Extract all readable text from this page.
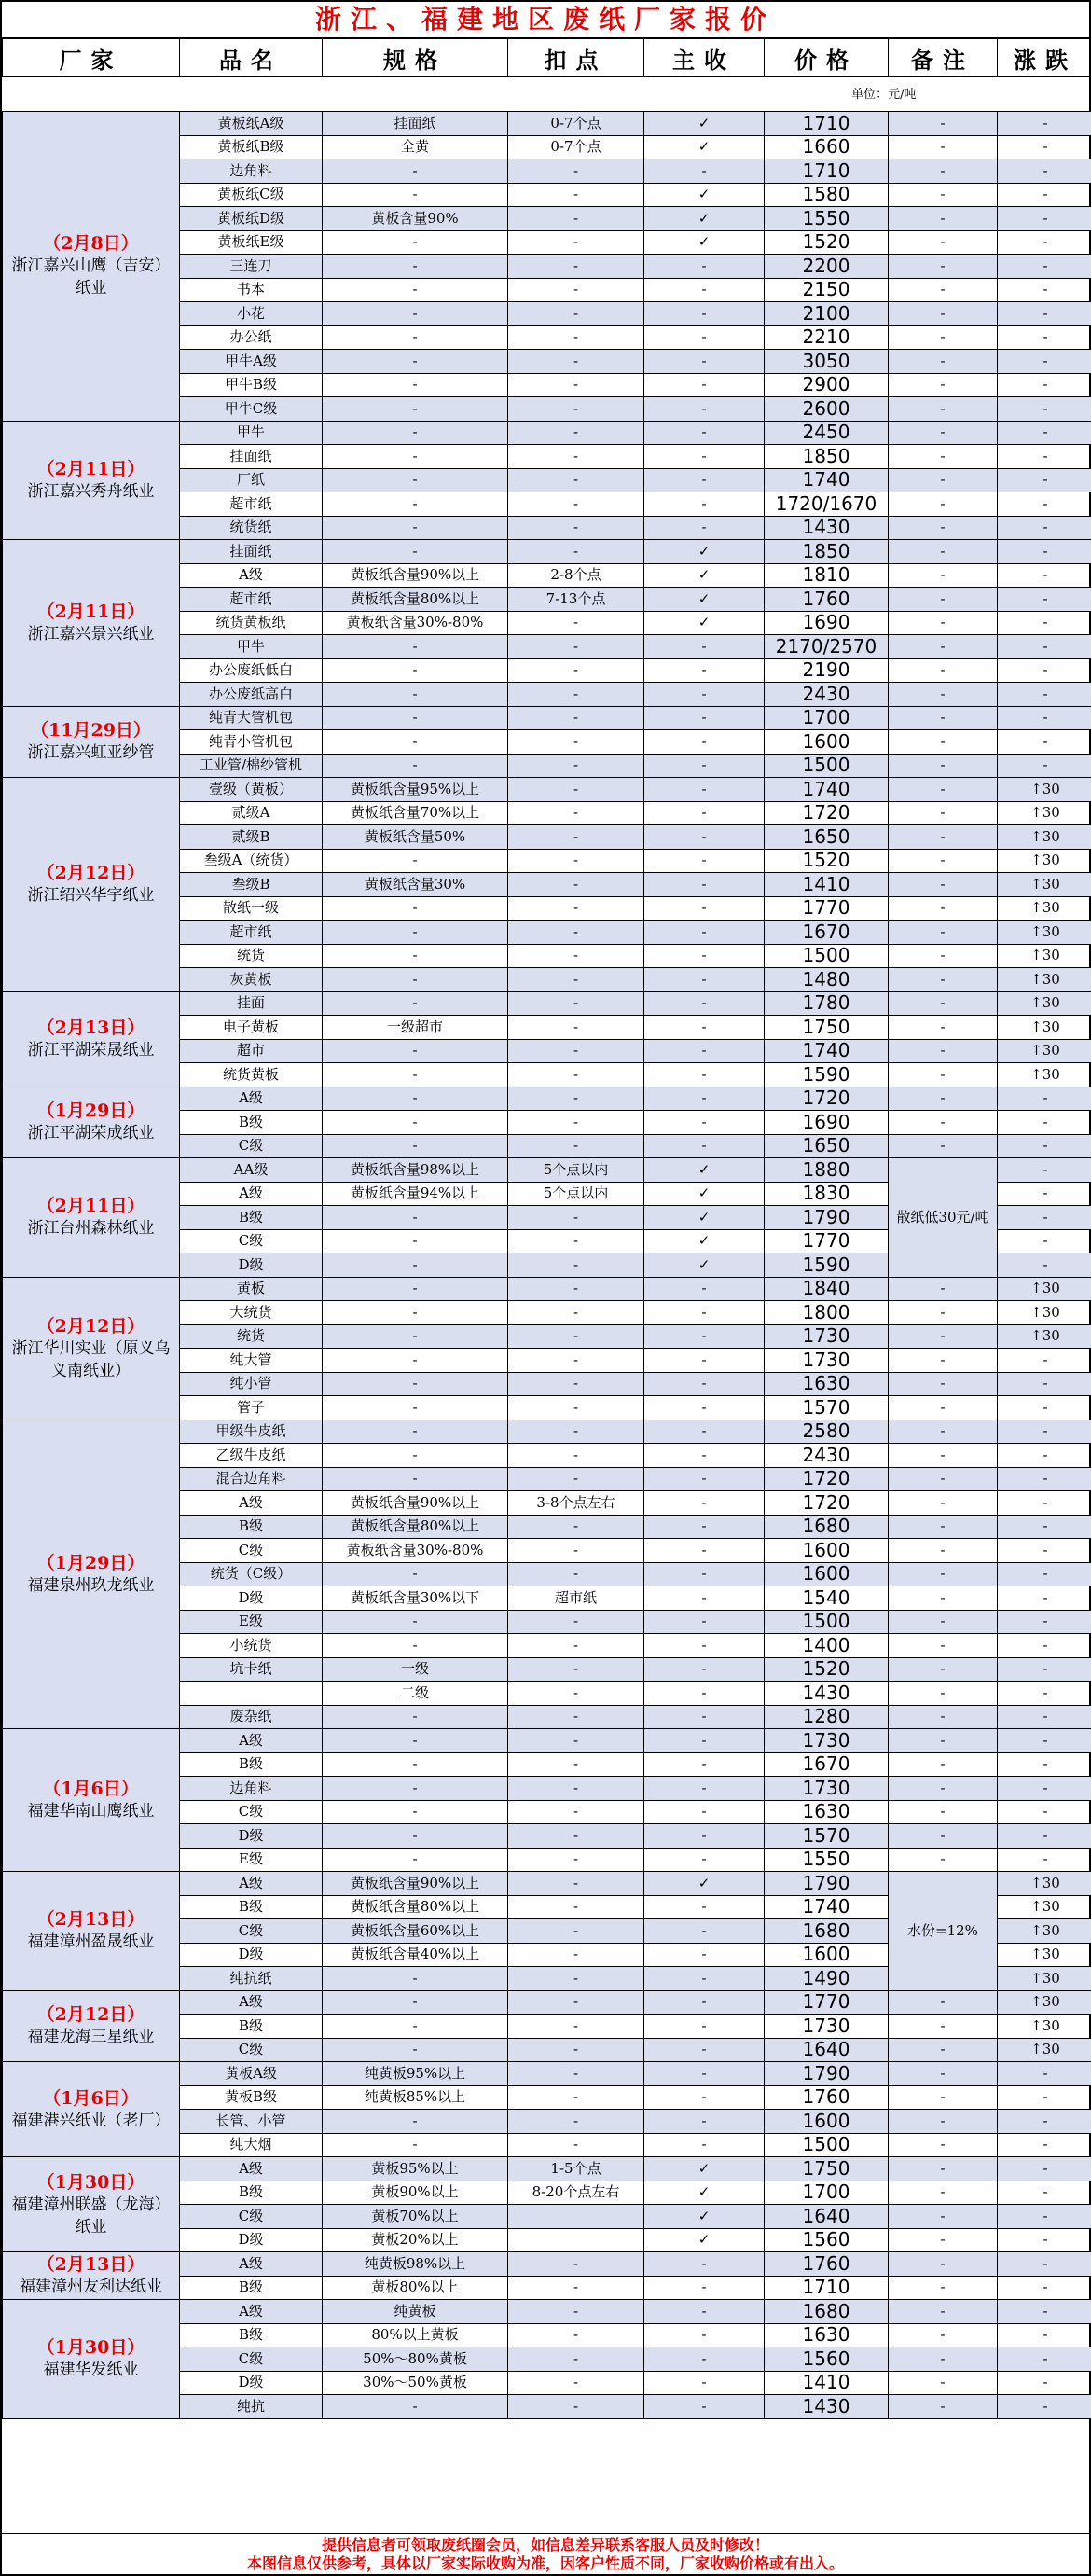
浙江、福建地区废纸厂家报价
厂家	品名	规格	扣点	主收	价格	备注	涨跌
单位：元/吨							

（2月8日）
浙江嘉兴山鹰（吉安）纸业	黄板纸A级	挂面纸	0-7个点	✓	1710	-	-
	黄板纸B级	全黄	0-7个点	✓	1660	-	-
	边角料	-	-	-	1710	-	-
	黄板纸C级	-	-	✓	1580	-	-
	黄板纸D级	黄板含量90%	-	✓	1550	-	-
	黄板纸E级	-	-	✓	1520	-	-
	三连刀	-	-	-	2200	-	-
	书本	-	-	-	2150	-	-
	小花	-	-	-	2100	-	-
	办公纸	-	-	-	2210	-	-
	甲牛A级	-	-	-	3050	-	-
	甲牛B级	-	-	-	2900	-	-
	甲牛C级	-	-	-	2600	-	-

（2月11日）
浙江嘉兴秀舟纸业	甲牛	-	-	-	2450	-	-
	挂面纸	-	-	-	1850	-	-
	厂纸	-	-	-	1740	-	-
	超市纸	-	-	-	1720/1670	-	-
	统货纸	-	-	-	1430	-	-

（2月11日）
浙江嘉兴景兴纸业	挂面纸	-	-	✓	1850	-	-
	A级	黄板纸含量90%以上	2-8个点	✓	1810	-	-
	超市纸	黄板纸含量80%以上	7-13个点	✓	1760	-	-
	统货黄板纸	黄板纸含量30%-80%	-	✓	1690	-	-
	甲牛	-	-	-	2170/2570	-	-
	办公废纸低白	-	-	-	2190	-	-
	办公废纸高白	-	-	-	2430	-	-

（11月29日）
浙江嘉兴虹亚纱管	纯青大管机包	-	-	-	1700	-	-
	纯青小管机包	-	-	-	1600	-	-
	工业管/棉纱管机	-	-	-	1500	-	-

（2月12日）
浙江绍兴华宇纸业	壹级（黄板）	黄板纸含量95%以上	-	-	1740	-	↑30
	贰级A	黄板纸含量70%以上	-	-	1720	-	↑30
	贰级B	黄板纸含量50%	-	-	1650	-	↑30
	叁级A（统货）	-	-	-	1520	-	↑30
	叁级B	黄板纸含量30%	-	-	1410	-	↑30
	散纸一级	-	-	-	1770	-	↑30
	超市纸	-	-	-	1670	-	↑30
	统货	-	-	-	1500	-	↑30
	灰黄板	-	-	-	1480	-	↑30

（2月13日）
浙江平湖荣晟纸业	挂面	-	-	-	1780	-	↑30
	电子黄板	一级超市	-	-	1750	-	↑30
	超市	-	-	-	1740	-	↑30
	统货黄板	-	-	-	1590	-	↑30

（1月29日）
浙江平湖荣成纸业	A级	-	-	-	1720	-	-
	B级	-	-	-	1690	-	-
	C级	-	-	-	1650	-	-

（2月11日）
浙江台州森林纸业	AA级	黄板纸含量98%以上	5个点以内	✓	1880	散纸低30元/吨	-
	A级	黄板纸含量94%以上	5个点以内	✓	1830		-
	B级	-	-	✓	1790		-
	C级	-	-	✓	1770		-
	D级	-	-	✓	1590		-

（2月12日）
浙江华川实业（原义乌义南纸业）	黄板	-	-	-	1840	-	↑30
	大统货	-	-	-	1800	-	↑30
	统货	-	-	-	1730	-	↑30
	纯大管	-	-	-	1730	-	-
	纯小管	-	-	-	1630	-	-
	管子	-	-	-	1570	-	-

（1月29日）
福建泉州玖龙纸业	甲级牛皮纸	-	-	-	2580	-	-
	乙级牛皮纸	-	-	-	2430	-	-
	混合边角料	-	-	-	1720	-	-
	A级	黄板纸含量90%以上	3-8个点左右	-	1720	-	-
	B级	黄板纸含量80%以上	-	-	1680	-	-
	C级	黄板纸含量30%-80%	-	-	1600	-	-
	统货（C级）	-	-	-	1600	-	-
	D级	黄板纸含量30%以下	超市纸	-	1540	-	-
	E级	-	-	-	1500	-	-
	小统货	-	-	-	1400	-	-
	坑卡纸	一级	-	-	1520	-	-
		二级	-	-	1430	-	-
	废杂纸	-	-	-	1280	-	-

（1月6日）
福建华南山鹰纸业	A级	-	-	-	1730	-	-
	B级	-	-	-	1670	-	-
	边角料	-	-	-	1730	-	-
	C级	-	-	-	1630	-	-
	D级	-	-	-	1570	-	-
	E级	-	-	-	1550	-	-

（2月13日）
福建漳州盈晟纸业	A级	黄板纸含量90%以上	-	✓	1790	水份=12%	↑30
	B级	黄板纸含量80%以上	-	-	1740		↑30
	C级	黄板纸含量60%以上	-	-	1680		↑30
	D级	黄板纸含量40%以上	-	-	1600		↑30
	纯抗纸	-	-	-	1490		↑30

（2月12日）
福建龙海三星纸业	A级	-	-	-	1770	-	↑30
	B级	-	-	-	1730	-	↑30
	C级	-	-	-	1640	-	↑30

（1月6日）
福建港兴纸业（老厂）	黄板A级	纯黄板95%以上	-	-	1790	-	-
	黄板B级	纯黄板85%以上	-	-	1760	-	-
	长管、小管	-	-	-	1600	-	-
	纯大烟	-	-	-	1500	-	-

（1月30日）
福建漳州联盛（龙海）纸业	A级	黄板95%以上	1-5个点	✓	1750	-	-
	B级	黄板90%以上	8-20个点左右	✓	1700	-	-
	C级	黄板70%以上		✓	1640	-	-
	D级	黄板20%以上		✓	1560	-	-

（2月13日）
福建漳州友利达纸业	A级	纯黄板98%以上	-	-	1760	-	-
	B级	黄板80%以上	-	-	1710	-	-

（1月30日）
福建华发纸业	A级	纯黄板	-	-	1680	-	-
	B级	80%以上黄板	-	-	1630	-	-
	C级	50%～80%黄板	-	-	1560	-	-
	D级	30%～50%黄板	-	-	1410	-	-
	纯抗	-	-	-	1430	-	-
提供信息者可领取废纸圈会员，如信息差异联系客服人员及时修改！
本图信息仅供参考，具体以厂家实际收购为准，因客户性质不同，厂家收购价格或有出入。
